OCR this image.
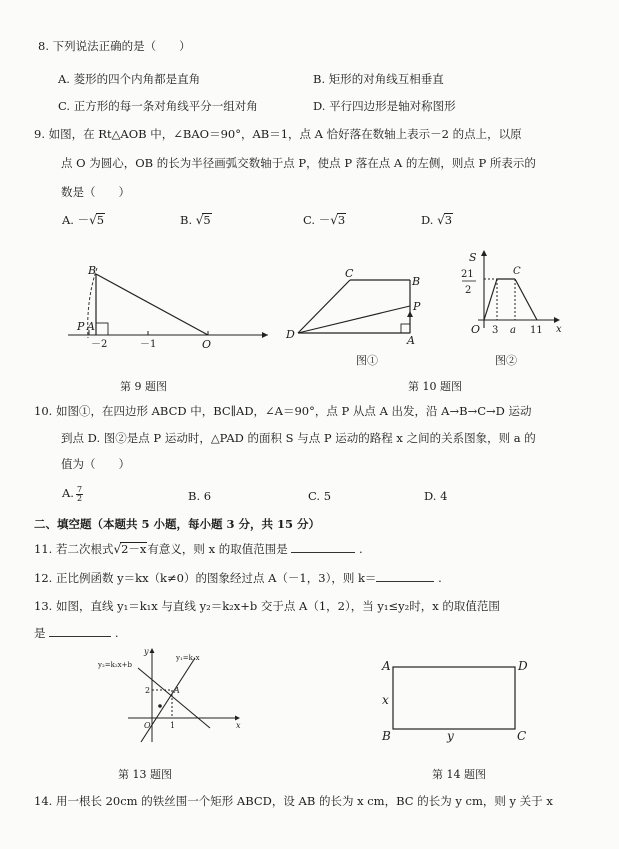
8. 下列说法正确的是（　　）
A. 菱形的四个内角都是直角	B. 矩形的对角线互相垂直
C. 正方形的每一条对角线平分一组对角	D. 平行四边形是轴对称图形
9. 如图，在 Rt△AOB 中，∠BAO＝90°，AB＝1，点 A 恰好落在数轴上表示－2 的点上，以原
点 O 为圆心，OB 的长为半径画弧交数轴于点 P，使点 P 落在点 A 的左侧，则点 P 所表示的
数是（　　）
A. －√5	B. √5	C. －√3	D. √3
B
P A
－2	－1	O
第 9 题图
C
B
P
D	A
图①
第 10 题图
S
21
2
C
O 3 a 11 x
图②
10. 如图①，在四边形 ABCD 中，BC∥AD，∠A＝90°，点 P 从点 A 出发，沿 A→B→C→D 运动
到点 D. 图②是点 P 运动时，△PAD 的面积 S 与点 P 运动的路程 x 之间的关系图象，则 a 的
值为（　　）
A. $\frac{7}{2}$	B. 6	C. 5	D. 4
二、填空题（本题共 5 小题，每小题 3 分，共 15 分）
11. 若二次根式√2－x有意义，则 x 的取值范围是	.
12. 正比例函数 y＝kx（k≠0）的图象经过点 A（－1，3），则 k＝	.
13. 如图，直线 y₁＝k₁x 与直线 y₂＝k₂x+b 交于点 A（1，2），当 y₁≤y₂时，x 的取值范围
是	.
y₂=k₂x+b
y₁=k₁x
y
A
2
O 1	x
第 13 题图
A	D
x
B	y	C
第 14 题图
14. 用一根长 20cm 的铁丝围一个矩形 ABCD，设 AB 的长为 x cm，BC 的长为 y cm，则 y 关于 x
